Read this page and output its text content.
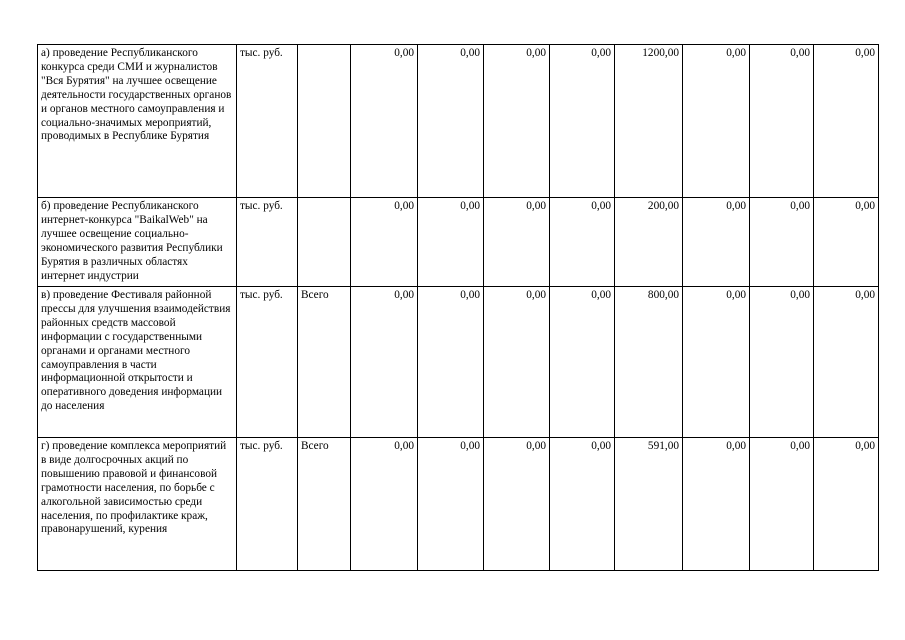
а) проведение Республиканского конкурса среди СМИ и журналистов "Вся Бурятия" на лучшее освещение деятельности государственных органов и органов местного самоуправления и социально-значимых мероприятий, проводимых в Республике Бурятия	тыс. руб.		0,00	0,00	0,00	0,00	1200,00	0,00	0,00	0,00
б) проведение Республиканского интернет-конкурса "BaikalWeb" на лучшее освещение социально-экономического развития Республики Бурятия в различных областях интернет индустрии	тыс. руб.		0,00	0,00	0,00	0,00	200,00	0,00	0,00	0,00
в) проведение Фестиваля районной прессы для улучшения взаимодействия районных средств массовой информации с государственными органами и органами местного самоуправления в части информационной открытости и оперативного доведения информации до населения	тыс. руб.	Всего	0,00	0,00	0,00	0,00	800,00	0,00	0,00	0,00
г) проведение комплекса мероприятий в виде долгосрочных акций по повышению правовой и финансовой грамотности населения, по борьбе с алкогольной зависимостью среди населения, по профилактике краж, правонарушений, курения	тыс. руб.	Всего	0,00	0,00	0,00	0,00	591,00	0,00	0,00	0,00
